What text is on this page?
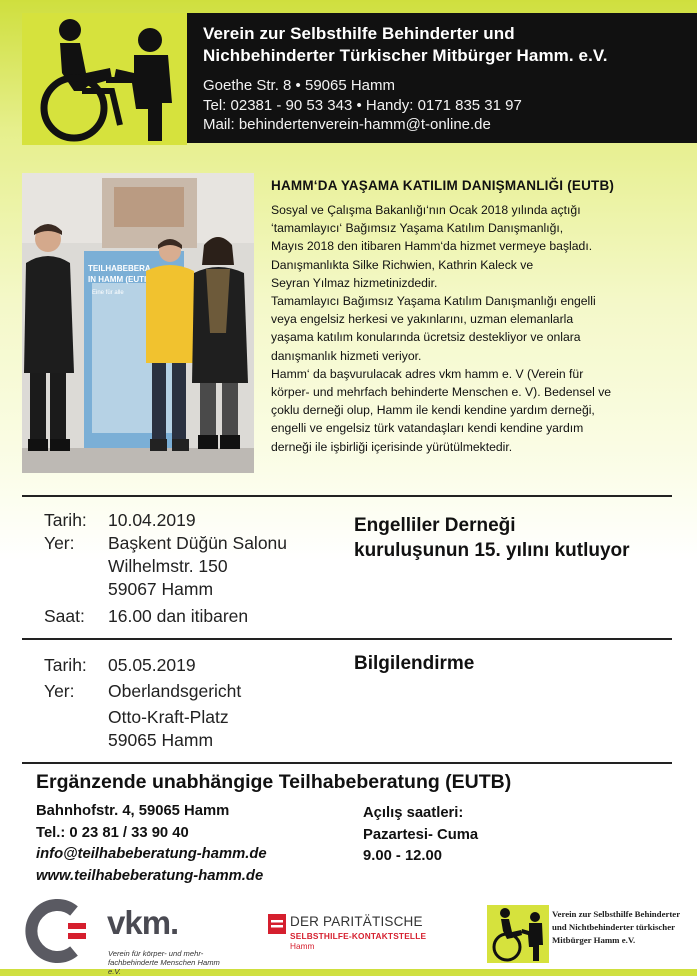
Verein zur Selbsthilfe Behinderter und
Nichbehinderter Türkischer Mitbürger Hamm. e.V.
Goethe Str. 8 • 59065 Hamm
Tel: 02381 - 90 53 343 • Handy: 0171 835 31 97
Mail: behindertenverein-hamm@t-online.de
TEILHABEBERA
IN HAMM (EUTI
Eine für alle
HAMM‘DA YAŞAMA KATILIM DANIŞMANLIĞI (EUTB)

Sosyal ve Çalışma Bakanlığı‘nın Ocak 2018 yılında açtığı
‘tamamlayıcı‘ Bağımsız Yaşama Katılım Danışmanlığı,
Mayıs 2018 den itibaren Hamm‘da hizmet vermeye başladı.
Danışmanlıkta Silke Richwien, Kathrin Kaleck ve
Seyran Yılmaz hizmetinizdedir.
Tamamlayıcı Bağımsız Yaşama Katılım Danışmanlığı engelli
veya engelsiz herkesi ve yakınlarını, uzman elemanlarla
yaşama katılım konularında ücretsiz destekliyor ve onlara
danışmanlık hizmeti veriyor.
Hamm‘ da başvurulacak adres vkm hamm e. V (Verein für
körper- und mehrfach behinderte Menschen e. V). Bedensel ve
çoklu derneği olup, Hamm ile kendi kendine yardım derneği,
engelli ve engelsiz türk vatandaşları kendi kendine yardım
derneği ile işbirliği içerisinde yürütülmektedir.

Tarih:	10.04.2019
Yer:	Başkent Düğün Salonu
Wilhelmstr. 150
59067 Hamm
Saat:	16.00 dan itibaren
Engelliler Derneği
kuruluşunun 15. yılını kutluyor
Tarih:	05.05.2019
Yer:	Oberlandsgericht
Otto-Kraft-Platz
59065 Hamm
Bilgilendirme
Ergänzende unabhängige Teilhabeberatung (EUTB)
Bahnhofstr. 4, 59065 Hamm
Tel.: 0 23 81 / 33 90 40
info@teilhabeberatung-hamm.de
www.teilhabeberatung-hamm.de
Açılış saatleri:
Pazartesi- Cuma
9.00 - 12.00
vkm.
Verein für körper- und mehr-
fachbehinderte Menschen Hamm e.V.
DER PARITÄTISCHE
SELBSTHILFE-KONTAKTSTELLE
Hamm
Verein zur Selbsthilfe Behinderter
und Nichtbehinderter türkischer
Mitbürger Hamm e.V.
